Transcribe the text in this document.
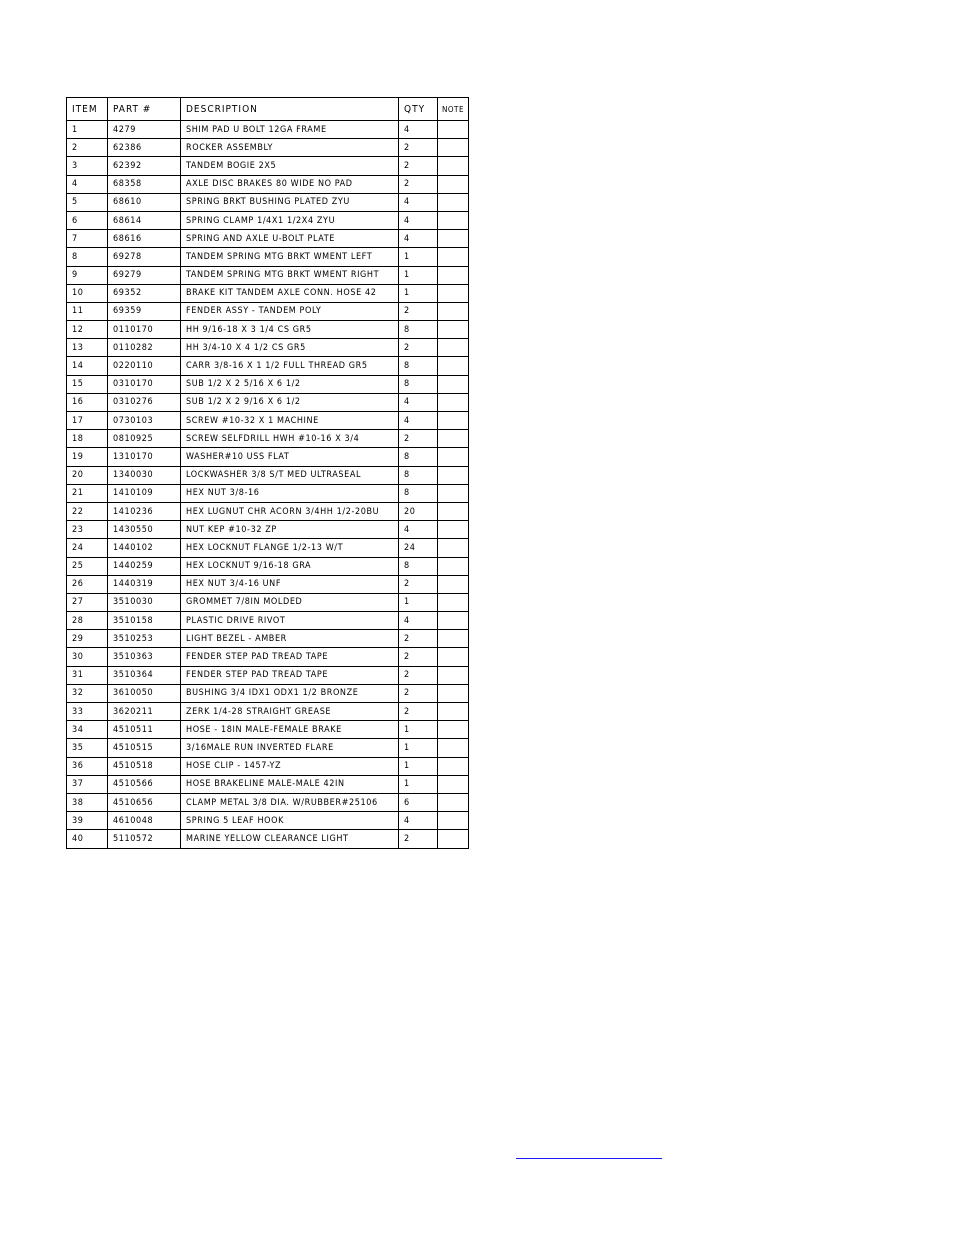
ITEM	PART #	DESCRIPTION	QTY	NOTE
1	4279	SHIM PAD U BOLT 12GA FRAME	4	
2	62386	ROCKER ASSEMBLY	2	
3	62392	TANDEM BOGIE 2X5	2	
4	68358	AXLE DISC BRAKES 80 WIDE NO PAD	2	
5	68610	SPRING BRKT BUSHING PLATED ZYU	4	
6	68614	SPRING CLAMP 1/4X1 1/2X4 ZYU	4	
7	68616	SPRING AND AXLE U-BOLT PLATE	4	
8	69278	TANDEM SPRING MTG BRKT WMENT LEFT	1	
9	69279	TANDEM SPRING MTG BRKT WMENT RIGHT	1	
10	69352	BRAKE KIT TANDEM AXLE CONN. HOSE 42	1	
11	69359	FENDER ASSY - TANDEM POLY	2	
12	0110170	HH 9/16-18 X 3 1/4 CS GR5	8	
13	0110282	HH 3/4-10 X 4 1/2 CS GR5	2	
14	0220110	CARR 3/8-16 X 1 1/2 FULL THREAD GR5	8	
15	0310170	SUB 1/2 X 2 5/16 X 6 1/2	8	
16	0310276	SUB 1/2 X 2 9/16 X 6 1/2	4	
17	0730103	SCREW #10-32 X 1 MACHINE	4	
18	0810925	SCREW SELFDRILL HWH #10-16 X 3/4	2	
19	1310170	WASHER#10 USS FLAT	8	
20	1340030	LOCKWASHER 3/8 S/T MED ULTRASEAL	8	
21	1410109	HEX NUT 3/8-16	8	
22	1410236	HEX LUGNUT CHR ACORN 3/4HH 1/2-20BU	20	
23	1430550	NUT KEP #10-32 ZP	4	
24	1440102	HEX LOCKNUT FLANGE 1/2-13 W/T	24	
25	1440259	HEX LOCKNUT 9/16-18 GRA	8	
26	1440319	HEX NUT 3/4-16 UNF	2	
27	3510030	GROMMET 7/8IN MOLDED	1	
28	3510158	PLASTIC DRIVE RIVOT	4	
29	3510253	LIGHT BEZEL - AMBER	2	
30	3510363	FENDER STEP PAD TREAD TAPE	2	
31	3510364	FENDER STEP PAD TREAD TAPE	2	
32	3610050	BUSHING 3/4 IDX1 ODX1 1/2 BRONZE	2	
33	3620211	ZERK 1/4-28 STRAIGHT GREASE	2	
34	4510511	HOSE - 18IN MALE-FEMALE BRAKE	1	
35	4510515	3/16MALE RUN INVERTED FLARE	1	
36	4510518	HOSE CLIP - 1457-YZ	1	
37	4510566	HOSE BRAKELINE MALE-MALE 42IN	1	
38	4510656	CLAMP METAL 3/8 DIA. W/RUBBER#25106	6	
39	4610048	SPRING 5 LEAF HOOK	4	
40	5110572	MARINE YELLOW CLEARANCE LIGHT	2	
